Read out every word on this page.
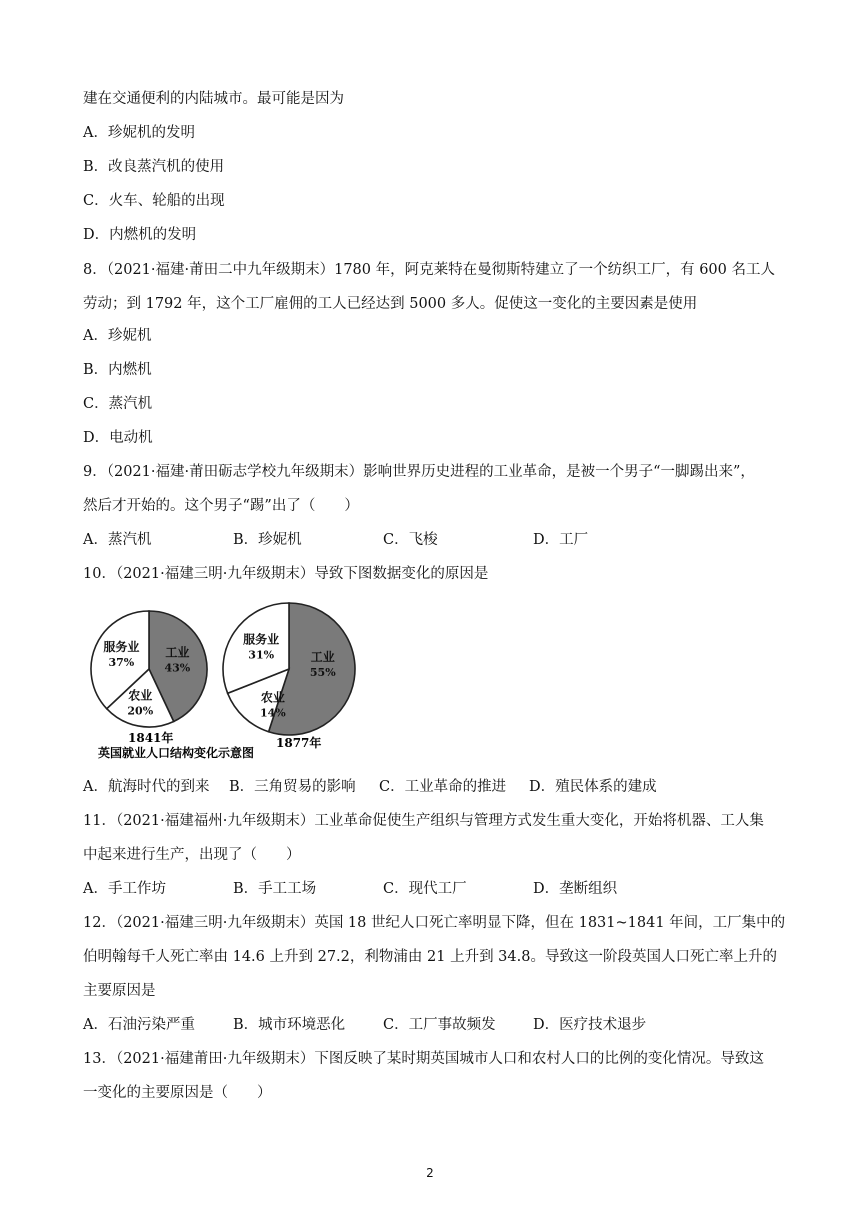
建在交通便利的内陆城市。最可能是因为
A．珍妮机的发明
B．改良蒸汽机的使用
C．火车、轮船的出现
D．内燃机的发明
8．（2021·福建·莆田二中九年级期末）1780 年，阿克莱特在曼彻斯特建立了一个纺织工厂，有 600 名工人
劳动；到 1792 年，这个工厂雇佣的工人已经达到 5000 多人。促使这一变化的主要因素是使用
A．珍妮机
B．内燃机
C．蒸汽机
D．电动机
9．（2021·福建·莆田砺志学校九年级期末）影响世界历史进程的工业革命，是被一个男子“一脚踢出来”，
然后才开始的。这个男子“踢”出了（　　）
A．蒸汽机	B．珍妮机	C．飞梭	D．工厂
10．（2021·福建三明·九年级期末）导致下图数据变化的原因是
工业
43%
农业
20%
服务业
37%	工业
55%
农业
14%
服务业
31%
1841年	1877年
英国就业人口结构变化示意图
A．航海时代的到来 B．三角贸易的影响 C．工业革命的推进 D．殖民体系的建成
11．（2021·福建福州·九年级期末）工业革命促使生产组织与管理方式发生重大变化，开始将机器、工人集
中起来进行生产，出现了（　　）
A．手工作坊	B．手工工场	C．现代工厂	D．垄断组织
12．（2021·福建三明·九年级期末）英国 18 世纪人口死亡率明显下降，但在 1831~1841 年间，工厂集中的
伯明翰每千人死亡率由 14.6 上升到 27.2，利物浦由 21 上升到 34.8。导致这一阶段英国人口死亡率上升的
主要原因是
A．石油污染严重	B．城市环境恶化	C．工厂事故频发	D．医疗技术退步
13．（2021·福建莆田·九年级期末）下图反映了某时期英国城市人口和农村人口的比例的变化情况。导致这
一变化的主要原因是（　　）
2
